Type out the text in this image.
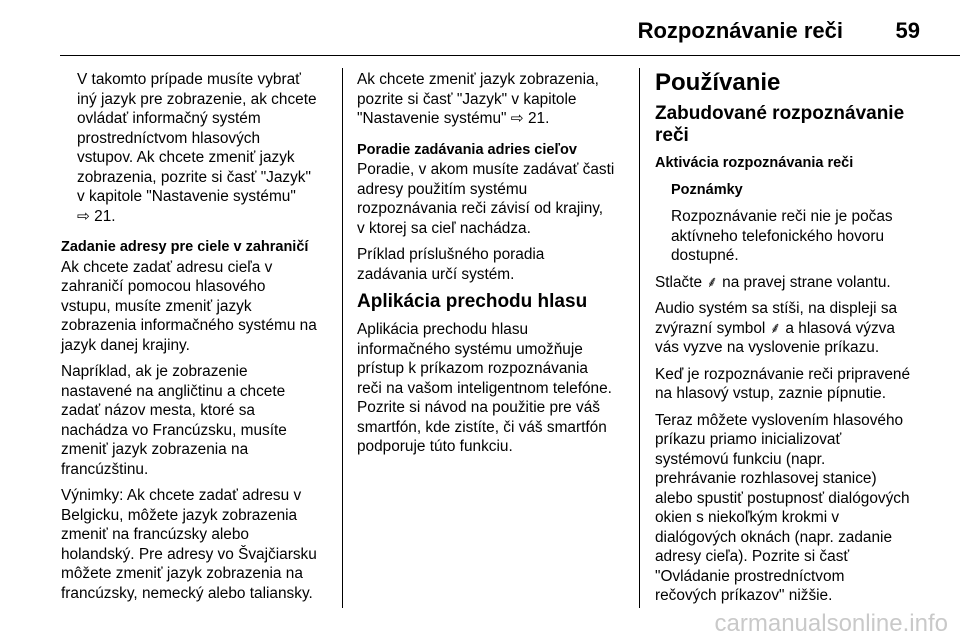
Rozpoznávanie reči 59

V takomto prípade musíte vybrať
iný jazyk pre zobrazenie, ak chcete
ovládať informačný systém
prostredníctvom hlasových
vstupov. Ak chcete zmeniť jazyk
zobrazenia, pozrite si časť "Jazyk"
v kapitole "Nastavenie systému"
⇨ 21.

Zadanie adresy pre ciele v zahraničí

Ak chcete zadať adresu cieľa v
zahraničí pomocou hlasového
vstupu, musíte zmeniť jazyk
zobrazenia informačného systému na
jazyk danej krajiny.

Napríklad, ak je zobrazenie
nastavené na angličtinu a chcete
zadať názov mesta, ktoré sa
nachádza vo Francúzsku, musíte
zmeniť jazyk zobrazenia na
francúzštinu.

Výnimky: Ak chcete zadať adresu v
Belgicku, môžete jazyk zobrazenia
zmeniť na francúzsky alebo
holandský. Pre adresy vo Švajčiarsku
môžete zmeniť jazyk zobrazenia na
francúzsky, nemecký alebo taliansky.

Ak chcete zmeniť jazyk zobrazenia,
pozrite si časť "Jazyk" v kapitole
"Nastavenie systému" ⇨ 21.

Poradie zadávania adries cieľov

Poradie, v akom musíte zadávať časti
adresy použitím systému
rozpoznávania reči závisí od krajiny,
v ktorej sa cieľ nachádza.

Príklad príslušného poradia
zadávania určí systém.

Aplikácia prechodu hlasu

Aplikácia prechodu hlasu
informačného systému umožňuje
prístup k príkazom rozpoznávania
reči na vašom inteligentnom telefóne.
Pozrite si návod na použitie pre váš
smartfón, kde zistíte, či váš smartfón
podporuje túto funkciu.

Používanie

Zabudované rozpoznávanie
reči

Aktivácia rozpoznávania reči

Poznámky

Rozpoznávanie reči nie je počas
aktívneho telefonického hovoru
dostupné.

Stlačte ⸙ na pravej strane volantu.

Audio systém sa stíši, na displeji sa
zvýrazní symbol ⸙ a hlasová výzva
vás vyzve na vyslovenie príkazu.

Keď je rozpoznávanie reči pripravené
na hlasový vstup, zaznie pípnutie.

Teraz môžete vyslovením hlasového
príkazu priamo inicializovať
systémovú funkciu (napr.
prehrávanie rozhlasovej stanice)
alebo spustiť postupnosť dialógových
okien s niekoľkým krokmi v
dialógových oknách (napr. zadanie
adresy cieľa). Pozrite si časť
"Ovládanie prostredníctvom
rečových príkazov" nižšie.

carmanualsonline.info
